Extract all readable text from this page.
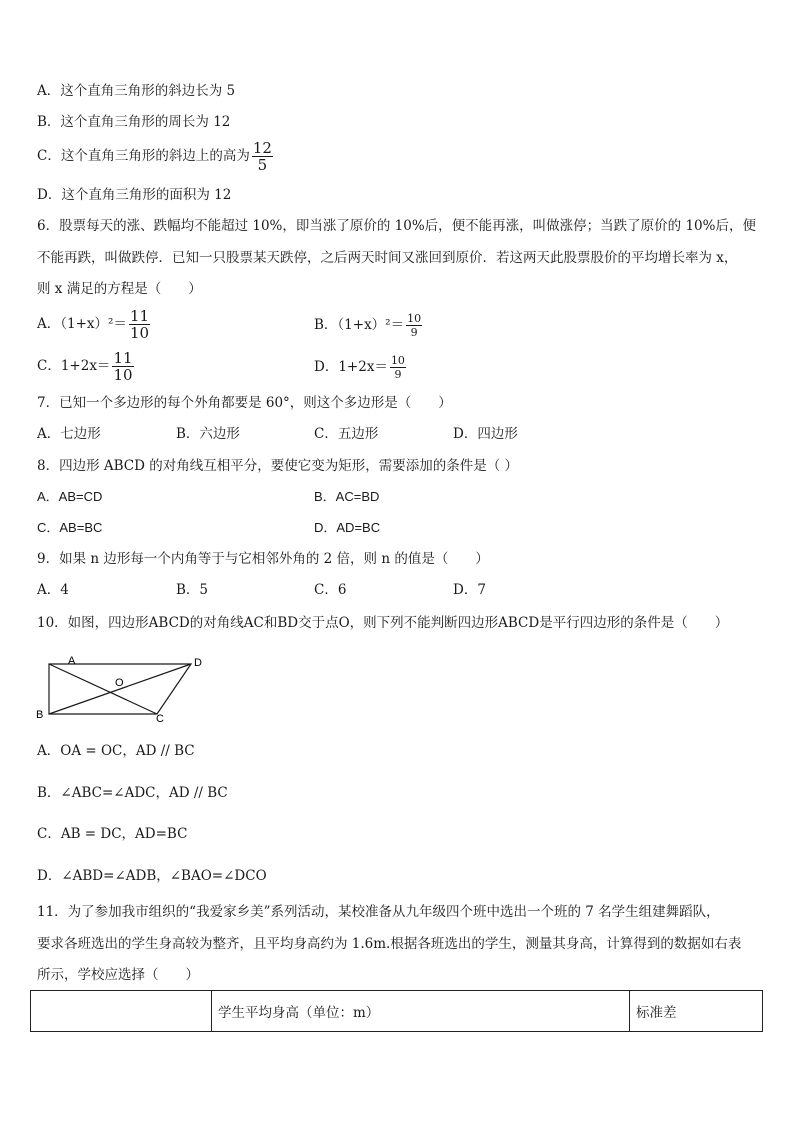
A．这个直角三角形的斜边长为 5
B．这个直角三角形的周长为 12
C．这个直角三角形的斜边上的高为 $\frac{12}{5}$
D．这个直角三角形的面积为 12
6．股票每天的涨、跌幅均不能超过 10%，即当涨了原价的 10%后，便不能再涨，叫做涨停；当跌了原价的 10%后，便
不能再跌，叫做跌停．已知一只股票某天跌停，之后两天时间又涨回到原价．若这两天此股票股价的平均增长率为 x，
则 x 满足的方程是（　　）
A．$(1+x)^2= \frac{11}{10}$	B．$(1+x)^2= \frac{10}{9}$
C．$1+2x= \frac{11}{10}$	D．$1+2x= \frac{10}{9}$
7．已知一个多边形的每个外角都要是 60°，则这个多边形是（　　）
A．七边形	B．六边形	C．五边形	D．四边形
8．四边形 ABCD 的对角线互相平分，要使它变为矩形，需要添加的条件是（ ）
A．AB=CD	B．AC=BD
C．AB=BC	D．AD=BC
9．如果 n 边形每一个内角等于与它相邻外角的 2 倍，则 n 的值是（　　）
A．4	B．5	C．6	D．7
10．如图，四边形ABCD的对角线AC和BD交于点O，则下列不能判断四边形ABCD是平行四边形的条件是（　　）
A	D
O
B	C
A．OA = OC，AD // BC
B．∠ABC=∠ADC，AD // BC
C．AB = DC，AD=BC
D．∠ABD=∠ADB，∠BAO=∠DCO
11．为了参加我市组织的“我爱家乡美”系列活动，某校准备从九年级四个班中选出一个班的 7 名学生组建舞蹈队，
要求各班选出的学生身高较为整齐，且平均身高约为 1.6m.根据各班选出的学生，测量其身高，计算得到的数据如右表
所示，学校应选择（　　）
	学生平均身高（单位：m）	标准差
